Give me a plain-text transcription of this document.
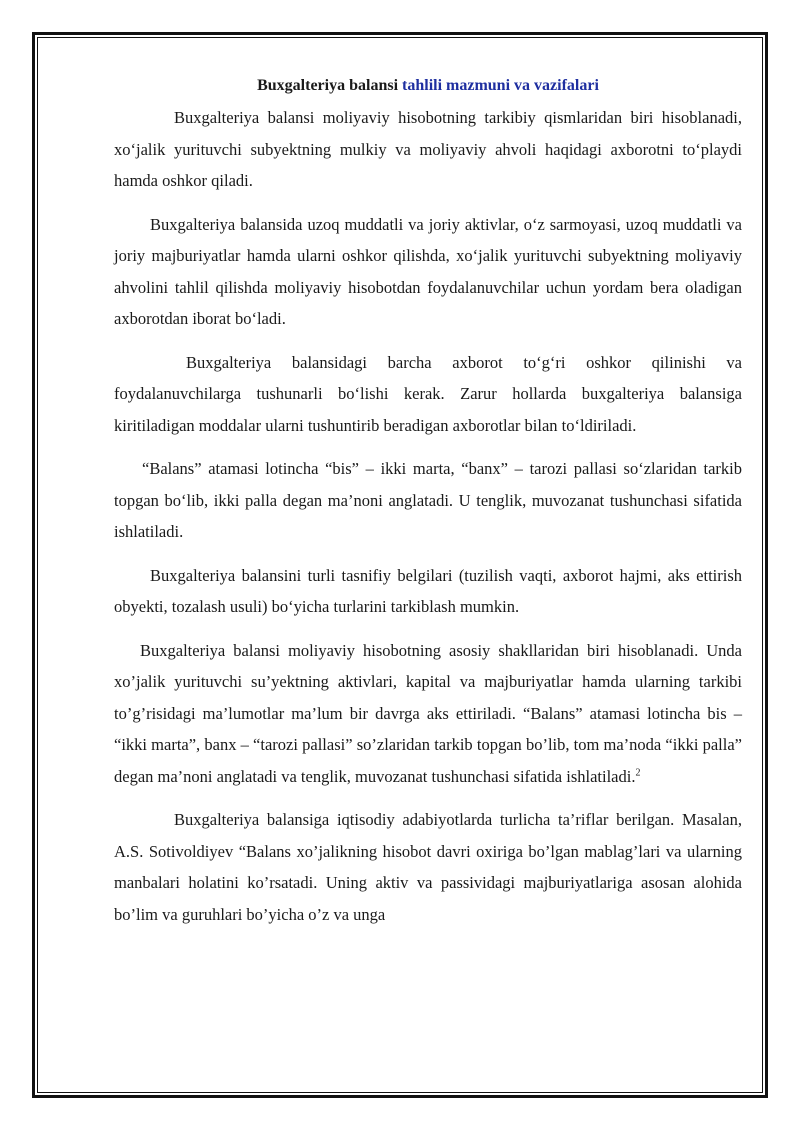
Buxgalteriya balansi tahlili mazmuni va vazifalari

Buxgalteriya balansi moliyaviy hisobotning tarkibiy qismlaridan biri hisoblanadi, xo‘jalik yurituvchi subyektning mulkiy va moliyaviy ahvoli haqidagi axborotni to‘playdi hamda oshkor qiladi.

Buxgalteriya balansida uzoq muddatli va joriy aktivlar, o‘z sarmoyasi, uzoq muddatli va joriy majburiyatlar hamda ularni oshkor qilishda, xo‘jalik yurituvchi subyektning moliyaviy ahvolini tahlil qilishda moliyaviy hisobotdan foydalanuvchilar uchun yordam bera oladigan axborotdan iborat bo‘ladi.

Buxgalteriya balansidagi barcha axborot to‘g‘ri oshkor qilinishi va foydalanuvchilarga tushunarli bo‘lishi kerak. Zarur hollarda buxgalteriya balansiga kiritiladigan moddalar ularni tushuntirib beradigan axborotlar bilan to‘ldiriladi.

“Balans” atamasi lotincha “bis” – ikki marta, “banx” – tarozi pallasi so‘zlaridan tarkib topgan bo‘lib, ikki palla degan ma’noni anglatadi. U tenglik, muvozanat tushunchasi sifatida ishlatiladi.

Buxgalteriya balansini turli tasnifiy belgilari (tuzilish vaqti, axborot hajmi, aks ettirish obyekti, tozalash usuli) bo‘yicha turlarini tarkiblash mumkin.

Buxgalteriya balansi moliyaviy hisobotning asosiy shakllaridan biri hisoblanadi. Unda xo’jalik yurituvchi su’yektning aktivlari, kapital va majburiyatlar hamda ularning tarkibi to’g’risidagi ma’lumotlar ma’lum bir davrga aks ettiriladi. “Balans” atamasi lotincha bis – “ikki marta”, banx – “tarozi pallasi” so’zlaridan tarkib topgan bo’lib, tom ma’noda “ikki palla” degan ma’noni anglatadi va tenglik, muvozanat tushunchasi sifatida ishlatiladi.$^2$

Buxgalteriya balansiga iqtisodiy adabiyotlarda turlicha ta’riflar berilgan. Masalan, A.S. Sotivoldiyev “Balans xo’jalikning hisobot davri oxiriga bo’lgan mablag’lari va ularning manbalari holatini ko’rsatadi. Uning aktiv va passividagi majburiyatlariga asosan alohida bo’lim va guruhlari bo’yicha o’z va unga
